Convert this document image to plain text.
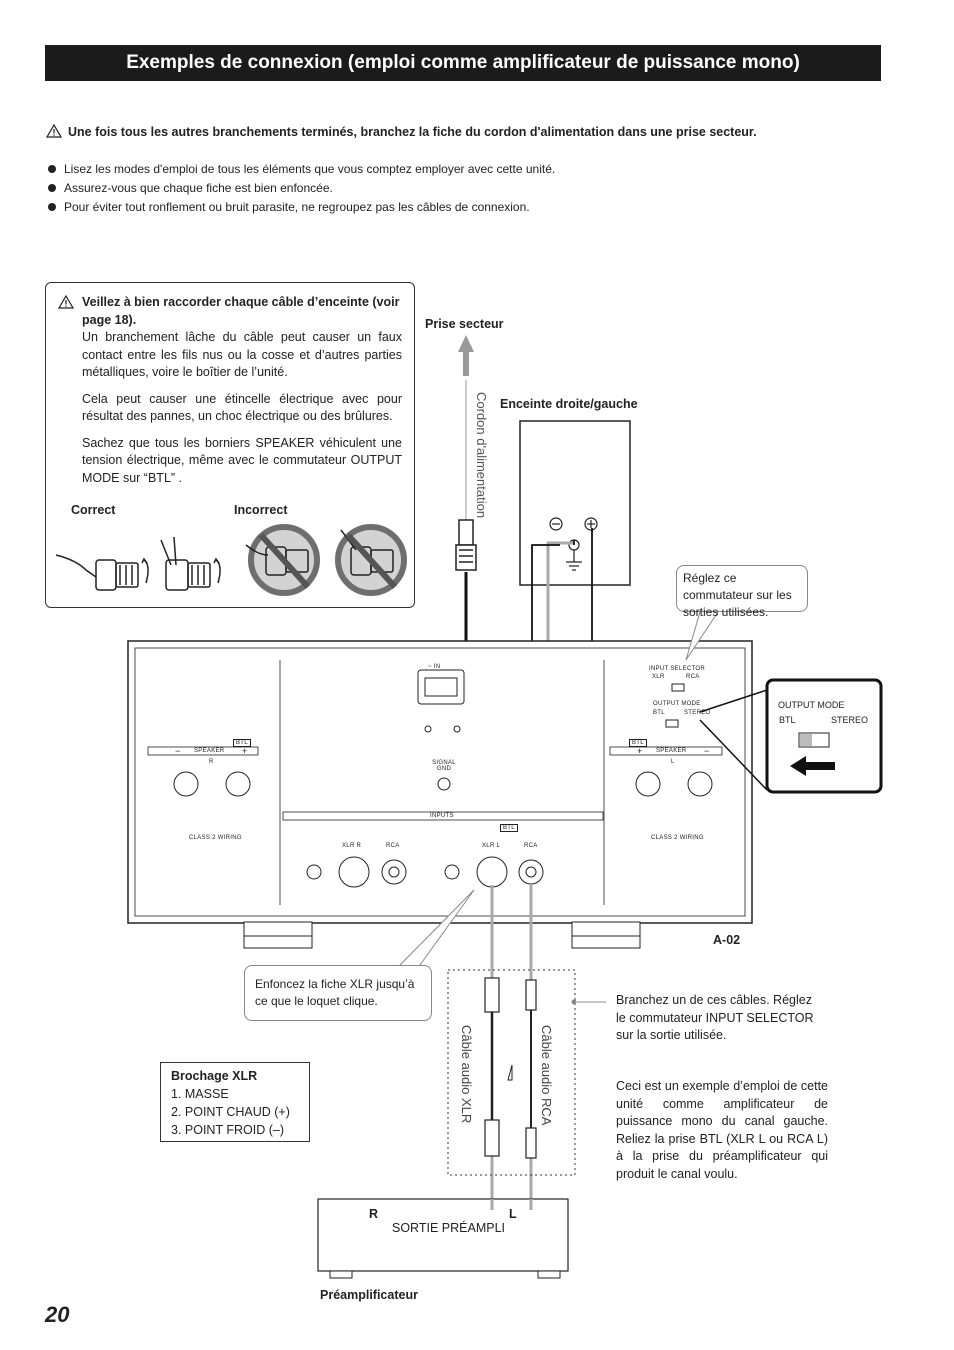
Exemples de connexion (emploi comme amplificateur de puissance mono)
Une fois tous les autres branchements terminés, branchez la fiche du cordon d'alimentation dans une prise secteur.
Lisez les modes d'emploi de tous les éléments que vous comptez employer avec cette unité.
Assurez-vous que chaque fiche est bien enfoncée.
Pour éviter tout ronflement ou bruit parasite, ne regroupez pas les câbles de connexion.
Veillez à bien raccorder chaque câble d’enceinte (voir page 18).

Un branchement lâche du câble peut causer un faux contact entre les fils nus ou la cosse et d’autres parties métalliques, voire le boîtier de l’unité.

Cela peut causer une étincelle électrique avec pour résultat des pannes, un choc électrique ou des brûlures.

Sachez que tous les borniers SPEAKER véhiculent une tension électrique, même avec le commutateur OUTPUT MODE sur “BTL” .

Correct	Incorrect
Prise secteur
Cordon d'alimentation Enceinte droite/gauche
Réglez ce commutateur sur les sorties utilisées.
~ IN	INPUT SELECTOR
XLR	RCA
OUTPUT MODE
BTL	STEREO
BTL	BTL
SPEAKER	SPEAKER
−	+	+	−
R	L
SIGNAL GND
INPUTS
BTL
CLASS 2 WIRING	CLASS 2 WIRING
XLR R	RCA	XLR L	RCA
OUTPUT MODE
BTL	STEREO
A-02
Enfoncez la fiche XLR jusqu’à ce que le loquet clique.
Câble audio XLR	Câble audio RCA
Branchez un de ces câbles. Réglez le commutateur INPUT SELECTOR sur la sortie utilisée.
Brochage XLR
1. MASSE
2. POINT CHAUD (+)
3. POINT FROID (–)
Ceci est un exemple d’emploi de cette unité comme amplificateur de puissance mono du canal gauche. Reliez la prise BTL (XLR L ou RCA L) à la prise du préamplificateur qui produit le canal voulu.
R	L
SORTIE PRÉAMPLI
Préamplificateur
20
